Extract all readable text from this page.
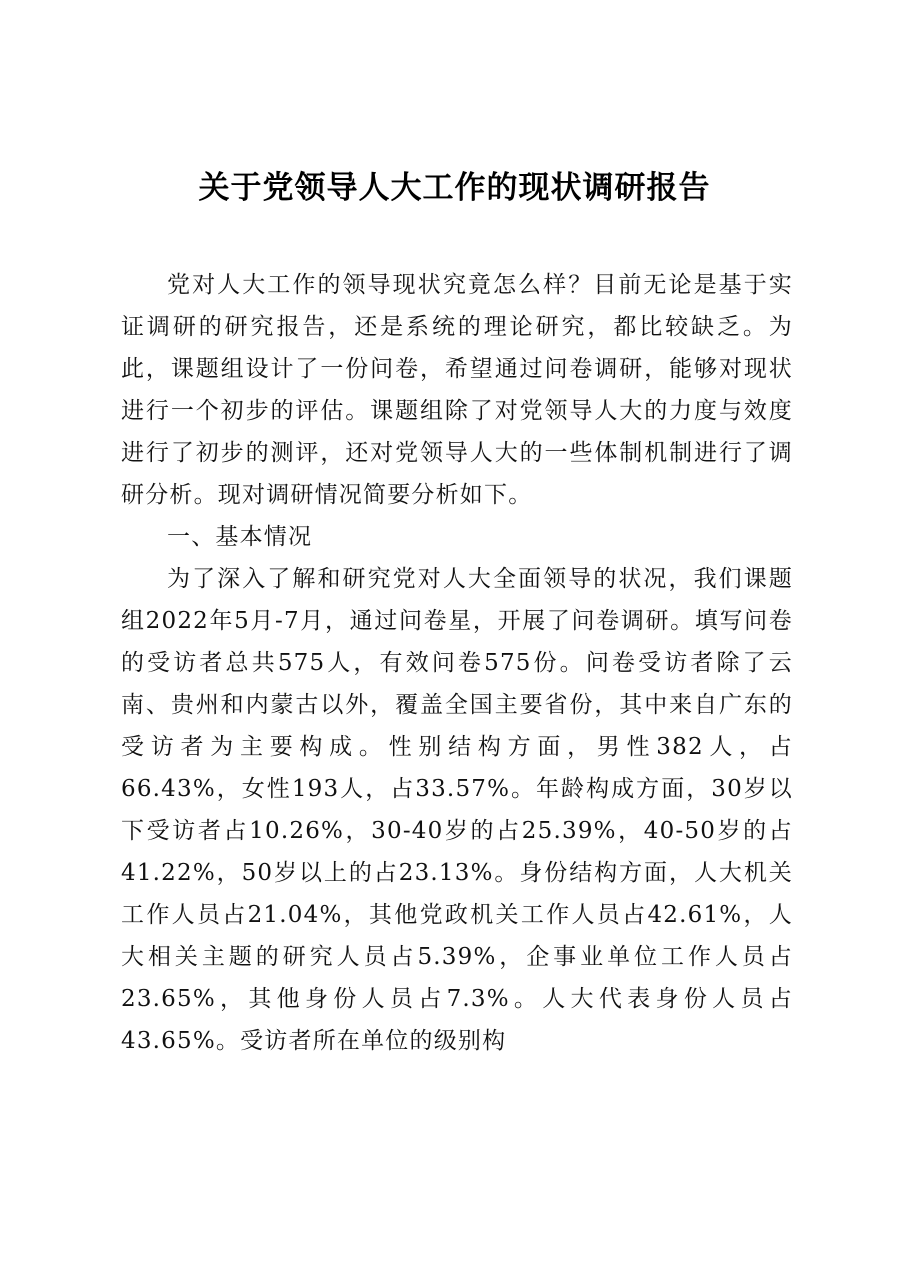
关于党领导人大工作的现状调研报告

党对人大工作的领导现状究竟怎么样？目前无论是基于实证调研的研究报告，还是系统的理论研究，都比较缺乏。为此，课题组设计了一份问卷，希望通过问卷调研，能够对现状进行一个初步的评估。课题组除了对党领导人大的力度与效度进行了初步的测评，还对党领导人大的一些体制机制进行了调研分析。现对调研情况简要分析如下。

一、基本情况

为了深入了解和研究党对人大全面领导的状况，我们课题组2022年5月-7月，通过问卷星，开展了问卷调研。填写问卷的受访者总共575人，有效问卷575份。问卷受访者除了云南、贵州和内蒙古以外，覆盖全国主要省份，其中来自广东的受访者为主要构成。性别结构方面，男性382人，占66.43%，女性193人，占33.57%。年龄构成方面，30岁以下受访者占10.26%，30-40岁的占25.39%，40-50岁的占41.22%，50岁以上的占23.13%。身份结构方面，人大机关工作人员占21.04%，其他党政机关工作人员占42.61%，人大相关主题的研究人员占5.39%，企事业单位工作人员占23.65%，其他身份人员占7.3%。人大代表身份人员占43.65%。受访者所在单位的级别构
